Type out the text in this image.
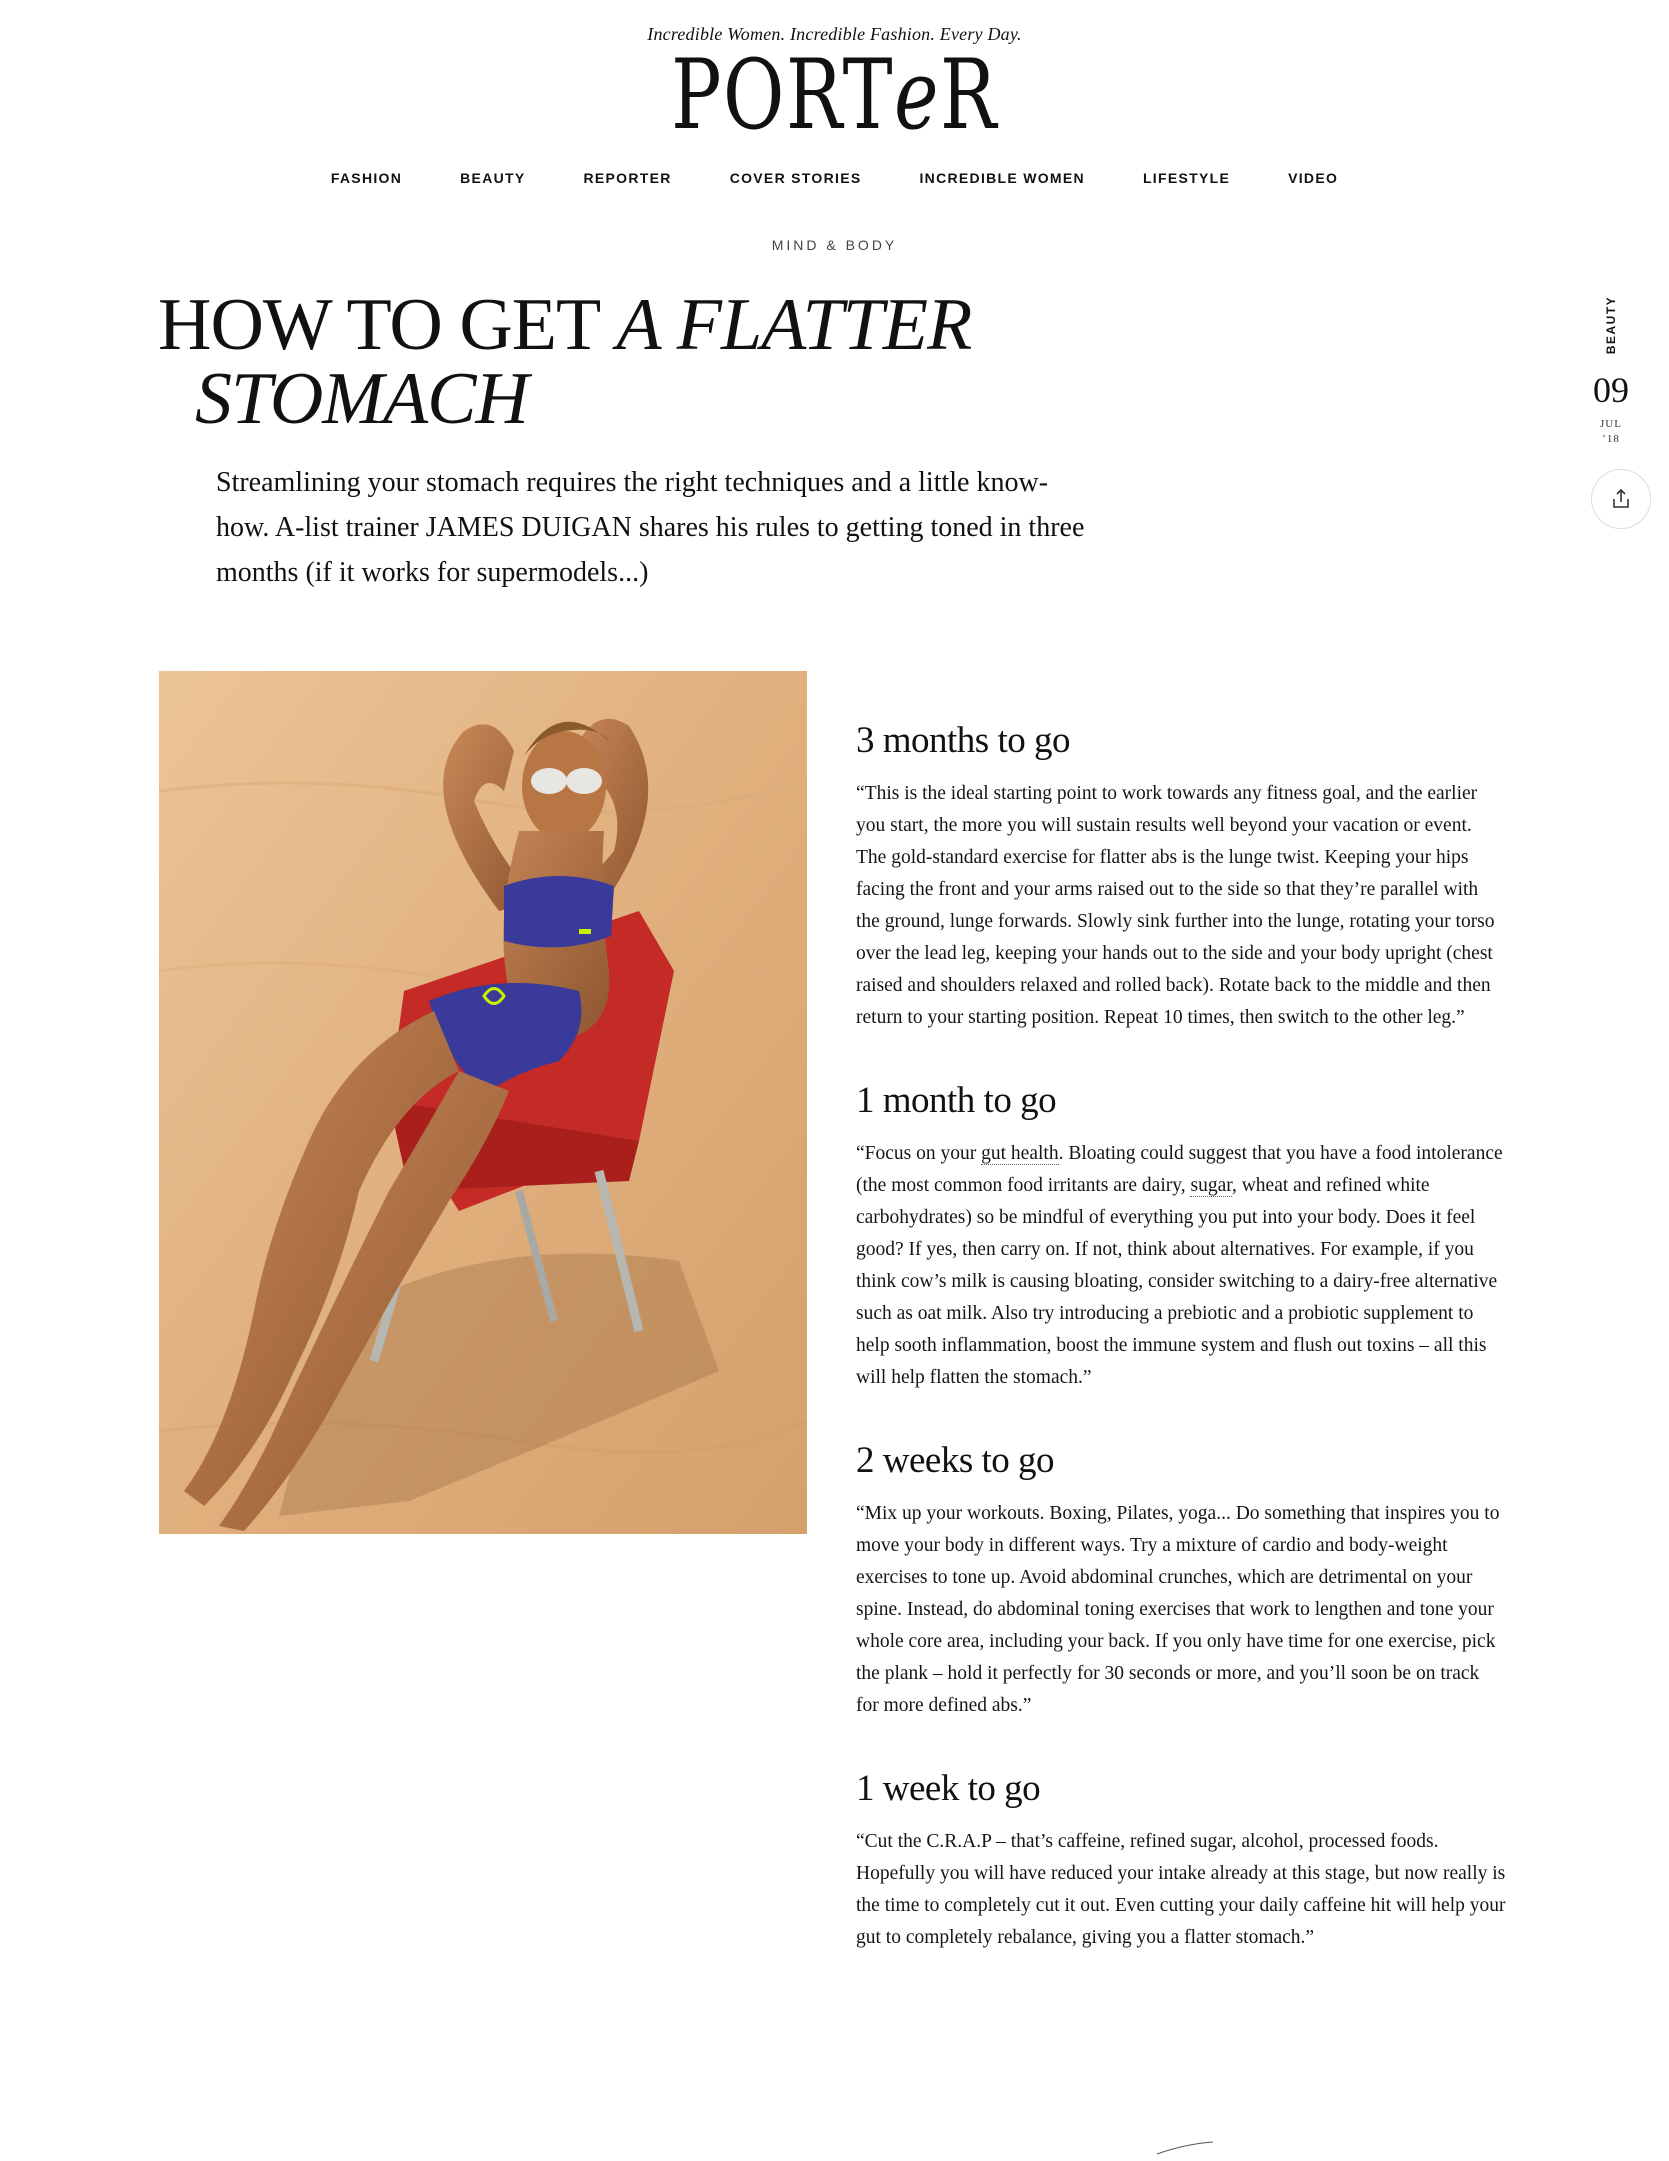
Incredible Women. Incredible Fashion. Every Day.
PORTeR
FASHION	BEAUTY	REPORTER	COVER STORIES	INCREDIBLE WOMEN	LIFESTYLE	VIDEO
MIND & BODY
HOW TO GET A FLATTER
STOMACH

Streamlining your stomach requires the right techniques and a little know-how. A-list trainer JAMES DUIGAN shares his rules to getting toned in three months (if it works for supermodels...)

BEAUTY
09
JUL
’18
3 months to go

“This is the ideal starting point to work towards any fitness goal, and the earlier you start, the more you will sustain results well beyond your vacation or event. The gold-standard exercise for flatter abs is the lunge twist. Keeping your hips facing the front and your arms raised out to the side so that they’re parallel with the ground, lunge forwards. Slowly sink further into the lunge, rotating your torso over the lead leg, keeping your hands out to the side and your body upright (chest raised and shoulders relaxed and rolled back). Rotate back to the middle and then return to your starting position. Repeat 10 times, then switch to the other leg.”

1 month to go

“Focus on your gut health. Bloating could suggest that you have a food intolerance (the most common food irritants are dairy, sugar, wheat and refined white carbohydrates) so be mindful of everything you put into your body. Does it feel good? If yes, then carry on. If not, think about alternatives. For example, if you think cow’s milk is causing bloating, consider switching to a dairy-free alternative such as oat milk. Also try introducing a prebiotic and a probiotic supplement to help sooth inflammation, boost the immune system and flush out toxins – all this will help flatten the stomach.”

2 weeks to go

“Mix up your workouts. Boxing, Pilates, yoga... Do something that inspires you to move your body in different ways. Try a mixture of cardio and body-weight exercises to tone up. Avoid abdominal crunches, which are detrimental on your spine. Instead, do abdominal toning exercises that work to lengthen and tone your whole core area, including your back. If you only have time for one exercise, pick the plank – hold it perfectly for 30 seconds or more, and you’ll soon be on track for more defined abs.”

1 week to go

“Cut the C.R.A.P – that’s caffeine, refined sugar, alcohol, processed foods. Hopefully you will have reduced your intake already at this stage, but now really is the time to completely cut it out. Even cutting your daily caffeine hit will help your gut to completely rebalance, giving you a flatter stomach.”
